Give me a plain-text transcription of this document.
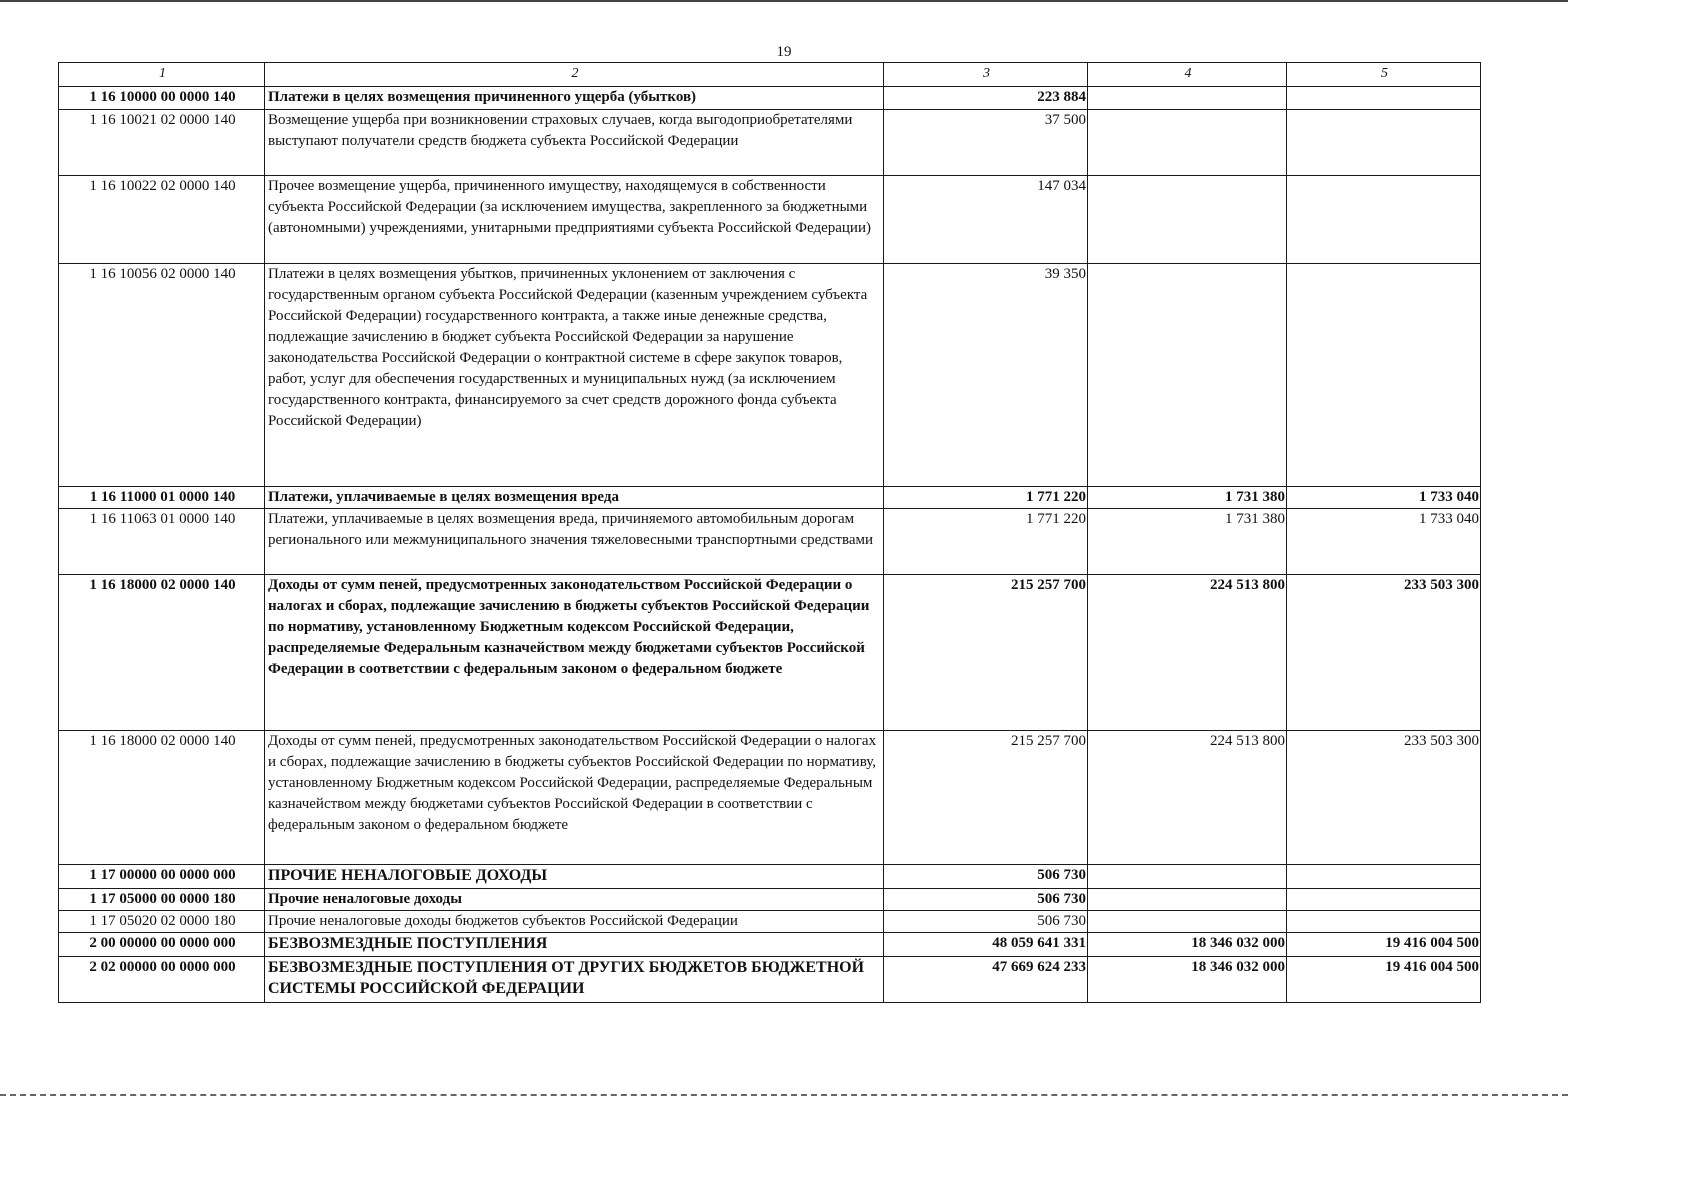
19
1	2	3	4	5
1 16 10000 00 0000 140	Платежи в целях возмещения причиненного ущерба (убытков)	223 884		
1 16 10021 02 0000 140	Возмещение ущерба при возникновении страховых случаев, когда выгодоприобретателями выступают получатели средств бюджета субъекта Российской Федерации	37 500		
1 16 10022 02 0000 140	Прочее возмещение ущерба, причиненного имуществу, находящемуся в собственности субъекта Российской Федерации (за исключением имущества, закрепленного за бюджетными (автономными) учреждениями, унитарными предприятиями субъекта Российской Федерации)	147 034		
1 16 10056 02 0000 140	Платежи в целях возмещения убытков, причиненных уклонением от заключения с государственным органом субъекта Российской Федерации (казенным учреждением субъекта Российской Федерации) государственного контракта, а также иные денежные средства, подлежащие зачислению в бюджет субъекта Российской Федерации за нарушение законодательства Российской Федерации о контрактной системе в сфере закупок товаров, работ, услуг для обеспечения государственных и муниципальных нужд (за исключением государственного контракта, финансируемого за счет средств дорожного фонда субъекта Российской Федерации)	39 350		
1 16 11000 01 0000 140	Платежи, уплачиваемые в целях возмещения вреда	1 771 220	1 731 380	1 733 040
1 16 11063 01 0000 140	Платежи, уплачиваемые в целях возмещения вреда, причиняемого автомобильным дорогам регионального или межмуниципального значения тяжеловесными транспортными средствами	1 771 220	1 731 380	1 733 040
1 16 18000 02 0000 140	Доходы от сумм пеней, предусмотренных законодательством Российской Федерации о налогах и сборах, подлежащие зачислению в бюджеты субъектов Российской Федерации по нормативу, установленному Бюджетным кодексом Российской Федерации, распределяемые Федеральным казначейством между бюджетами субъектов Российской Федерации в соответствии с федеральным законом о федеральном бюджете	215 257 700	224 513 800	233 503 300
1 16 18000 02 0000 140	Доходы от сумм пеней, предусмотренных законодательством Российской Федерации о налогах и сборах, подлежащие зачислению в бюджеты субъектов Российской Федерации по нормативу, установленному Бюджетным кодексом Российской Федерации, распределяемые Федеральным казначейством между бюджетами субъектов Российской Федерации в соответствии с федеральным законом о федеральном бюджете	215 257 700	224 513 800	233 503 300
1 17 00000 00 0000 000	ПРОЧИЕ НЕНАЛОГОВЫЕ ДОХОДЫ	506 730		
1 17 05000 00 0000 180	Прочие неналоговые доходы	506 730		
1 17 05020 02 0000 180	Прочие неналоговые доходы бюджетов субъектов Российской Федерации	506 730		
2 00 00000 00 0000 000	БЕЗВОЗМЕЗДНЫЕ ПОСТУПЛЕНИЯ	48 059 641 331	18 346 032 000	19 416 004 500
2 02 00000 00 0000 000	БЕЗВОЗМЕЗДНЫЕ ПОСТУПЛЕНИЯ ОТ ДРУГИХ БЮДЖЕТОВ БЮДЖЕТНОЙ СИСТЕМЫ РОССИЙСКОЙ ФЕДЕРАЦИИ	47 669 624 233	18 346 032 000	19 416 004 500
